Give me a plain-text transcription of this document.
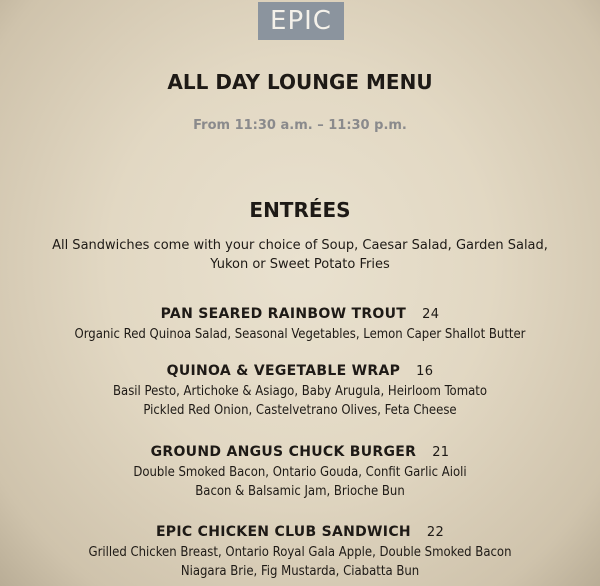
EPIC
ALL DAY LOUNGE MENU
From 11:30 a.m. – 11:30 p.m.
ENTRÉES
All Sandwiches come with your choice of Soup, Caesar Salad, Garden Salad,
Yukon or Sweet Potato Fries
PAN SEARED RAINBOW TROUT 24
Organic Red Quinoa Salad, Seasonal Vegetables, Lemon Caper Shallot Butter
QUINOA & VEGETABLE WRAP 16
Basil Pesto, Artichoke & Asiago, Baby Arugula, Heirloom Tomato
Pickled Red Onion, Castelvetrano Olives, Feta Cheese
GROUND ANGUS CHUCK BURGER 21
Double Smoked Bacon, Ontario Gouda, Confit Garlic Aioli
Bacon & Balsamic Jam, Brioche Bun
EPIC CHICKEN CLUB SANDWICH 22
Grilled Chicken Breast, Ontario Royal Gala Apple, Double Smoked Bacon
Niagara Brie, Fig Mustarda, Ciabatta Bun
